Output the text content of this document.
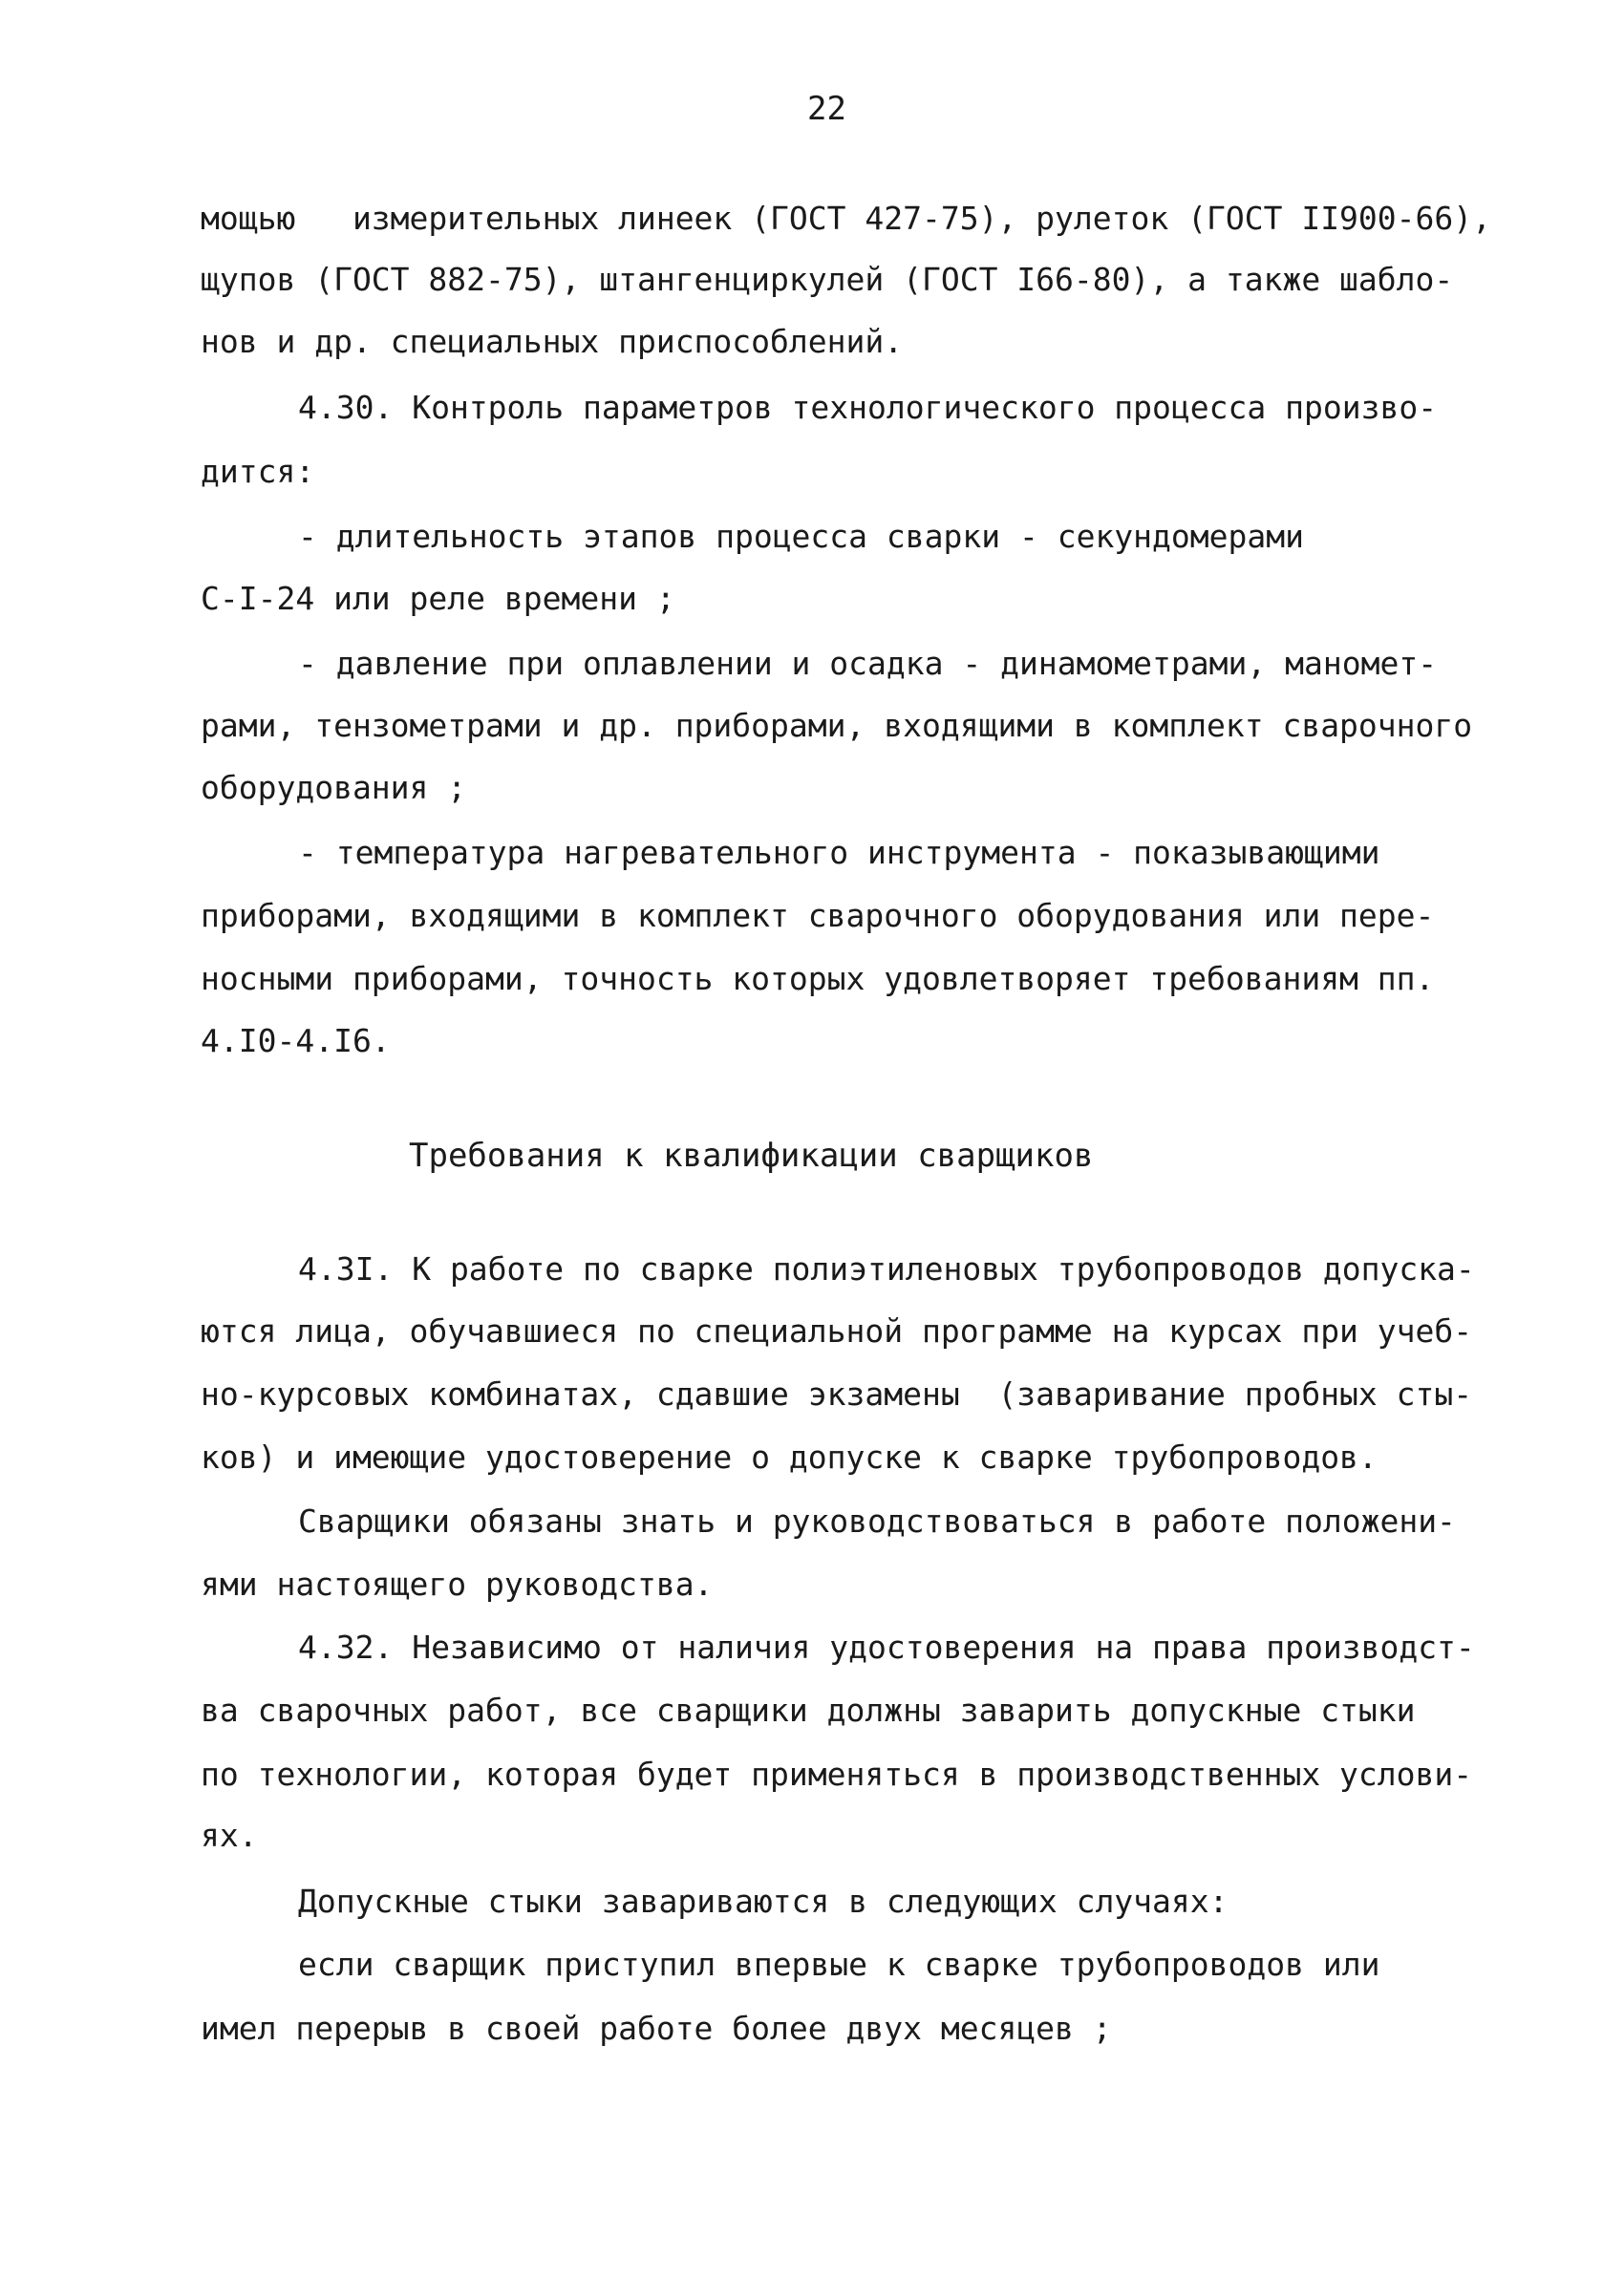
22
мощью   измерительных линеек (ГОСТ 427-75), рулеток (ГОСТ II900-66),
щупов (ГОСТ 882-75), штангенциркулей (ГОСТ I66-80), а также шабло-
нов и др. специальных приспособлений.
4.30. Контроль параметров технологического процесса произво-
дится:
- длительность этапов процесса сварки - секундомерами
С-I-24 или реле времени ;
- давление при оплавлении и осадка - динамометрами, маномет-
рами, тензометрами и др. приборами, входящими в комплект сварочного
оборудования ;
- температура нагревательного инструмента - показывающими
приборами, входящими в комплект сварочного оборудования или пере-
носными приборами, точность которых удовлетворяет требованиям пп.
4.I0-4.I6.
Требования к квалификации сварщиков
4.3I. К работе по сварке полиэтиленовых трубопроводов допуска-
ются лица, обучавшиеся по специальной программе на курсах при учеб-
но-курсовых комбинатах, сдавшие экзамены  (заваривание пробных сты-
ков) и имеющие удостоверение о допуске к сварке трубопроводов.
Сварщики обязаны знать и руководствоваться в работе положени-
ями настоящего руководства.
4.32. Независимо от наличия удостоверения на права производст-
ва сварочных работ, все сварщики должны заварить допускные стыки
по технологии, которая будет применяться в производственных услови-
ях.
Допускные стыки завариваются в следующих случаях:
если сварщик приступил впервые к сварке трубопроводов или
имел перерыв в своей работе более двух месяцев ;
